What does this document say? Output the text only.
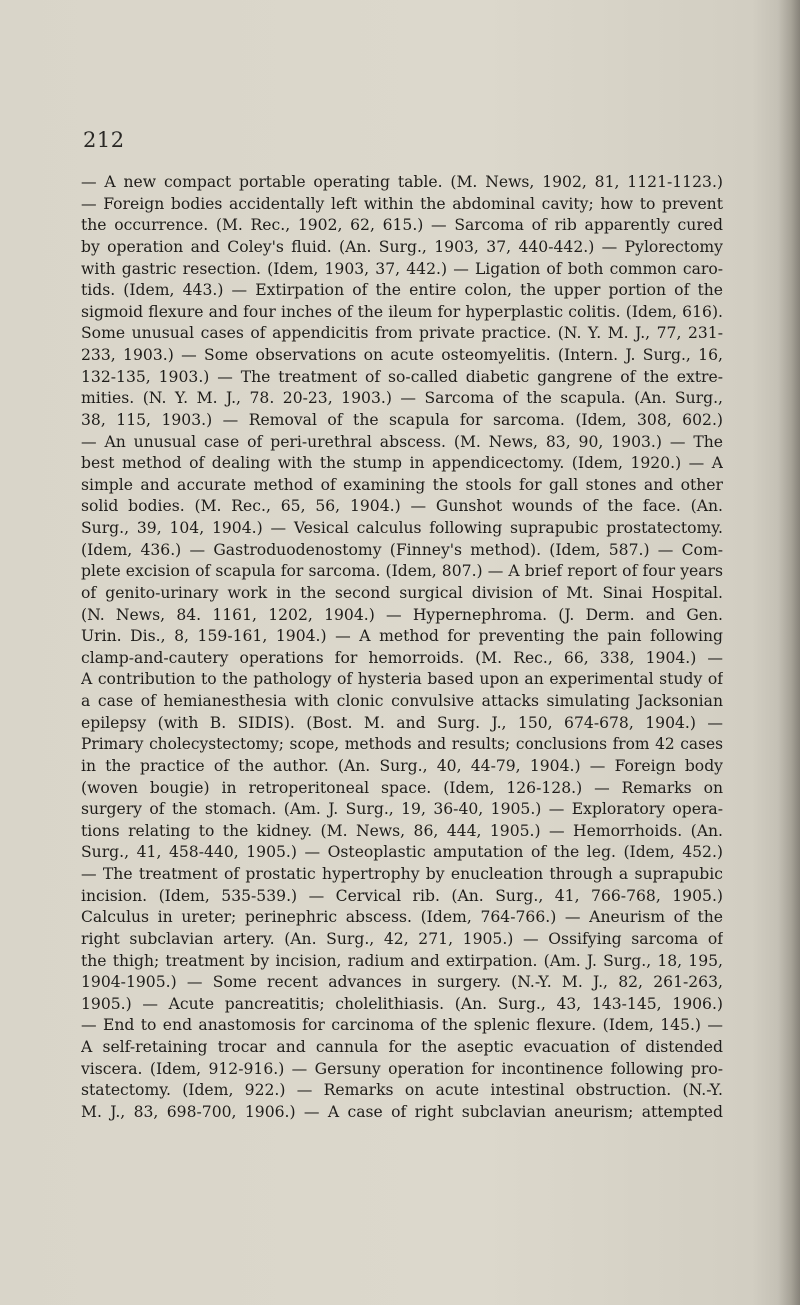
212
— A new compact portable operating table. (M. News, 1902, 81, 1121-1123.)
— Foreign bodies accidentally left within the abdominal cavity; how to prevent
the occurrence. (M. Rec., 1902, 62, 615.) — Sarcoma of rib apparently cured
by operation and Coley's fluid. (An. Surg., 1903, 37, 440-442.) — Pylorectomy
with gastric resection. (Idem, 1903, 37, 442.) — Ligation of both common caro-
tids. (Idem, 443.) — Extirpation of the entire colon, the upper portion of the
sigmoid flexure and four inches of the ileum for hyperplastic colitis. (Idem, 616).
Some unusual cases of appendicitis from private practice. (N. Y. M. J., 77, 231-
233, 1903.) — Some observations on acute osteomyelitis. (Intern. J. Surg., 16,
132-135, 1903.) — The treatment of so-called diabetic gangrene of the extre-
mities. (N. Y. M. J., 78. 20-23, 1903.) — Sarcoma of the scapula. (An. Surg.,
38, 115, 1903.) — Removal of the scapula for sarcoma. (Idem, 308, 602.)
— An unusual case of peri-urethral abscess. (M. News, 83, 90, 1903.) — The
best method of dealing with the stump in appendicectomy. (Idem, 1920.) — A
simple and accurate method of examining the stools for gall stones and other
solid bodies. (M. Rec., 65, 56, 1904.) — Gunshot wounds of the face. (An.
Surg., 39, 104, 1904.) — Vesical calculus following suprapubic prostatectomy.
(Idem, 436.) — Gastroduodenostomy (Finney's method). (Idem, 587.) — Com-
plete excision of scapula for sarcoma. (Idem, 807.) — A brief report of four years
of genito-urinary work in the second surgical division of Mt. Sinai Hospital.
(N. News, 84. 1161, 1202, 1904.) — Hypernephroma. (J. Derm. and Gen.
Urin. Dis., 8, 159-161, 1904.) — A method for preventing the pain following
clamp-and-cautery operations for hemorroids. (M. Rec., 66, 338, 1904.) —
A contribution to the pathology of hysteria based upon an experimental study of
a case of hemianesthesia with clonic convulsive attacks simulating Jacksonian
epilepsy (with B. SIDIS). (Bost. M. and Surg. J., 150, 674-678, 1904.) —
Primary cholecystectomy; scope, methods and results; conclusions from 42 cases
in the practice of the author. (An. Surg., 40, 44-79, 1904.) — Foreign body
(woven bougie) in retroperitoneal space. (Idem, 126-128.) — Remarks on
surgery of the stomach. (Am. J. Surg., 19, 36-40, 1905.) — Exploratory opera-
tions relating to the kidney. (M. News, 86, 444, 1905.) — Hemorrhoids. (An.
Surg., 41, 458-440, 1905.) — Osteoplastic amputation of the leg. (Idem, 452.)
— The treatment of prostatic hypertrophy by enucleation through a suprapubic
incision. (Idem, 535-539.) — Cervical rib. (An. Surg., 41, 766-768, 1905.)
Calculus in ureter; perinephric abscess. (Idem, 764-766.) — Aneurism of the
right subclavian artery. (An. Surg., 42, 271, 1905.) — Ossifying sarcoma of
the thigh; treatment by incision, radium and extirpation. (Am. J. Surg., 18, 195,
1904-1905.) — Some recent advances in surgery. (N.-Y. M. J., 82, 261-263,
1905.) — Acute pancreatitis; cholelithiasis. (An. Surg., 43, 143-145, 1906.)
— End to end anastomosis for carcinoma of the splenic flexure. (Idem, 145.) —
A self-retaining trocar and cannula for the aseptic evacuation of distended
viscera. (Idem, 912-916.) — Gersuny operation for incontinence following pro-
statectomy. (Idem, 922.) — Remarks on acute intestinal obstruction. (N.-Y.
M. J., 83, 698-700, 1906.) — A case of right subclavian aneurism; attempted
